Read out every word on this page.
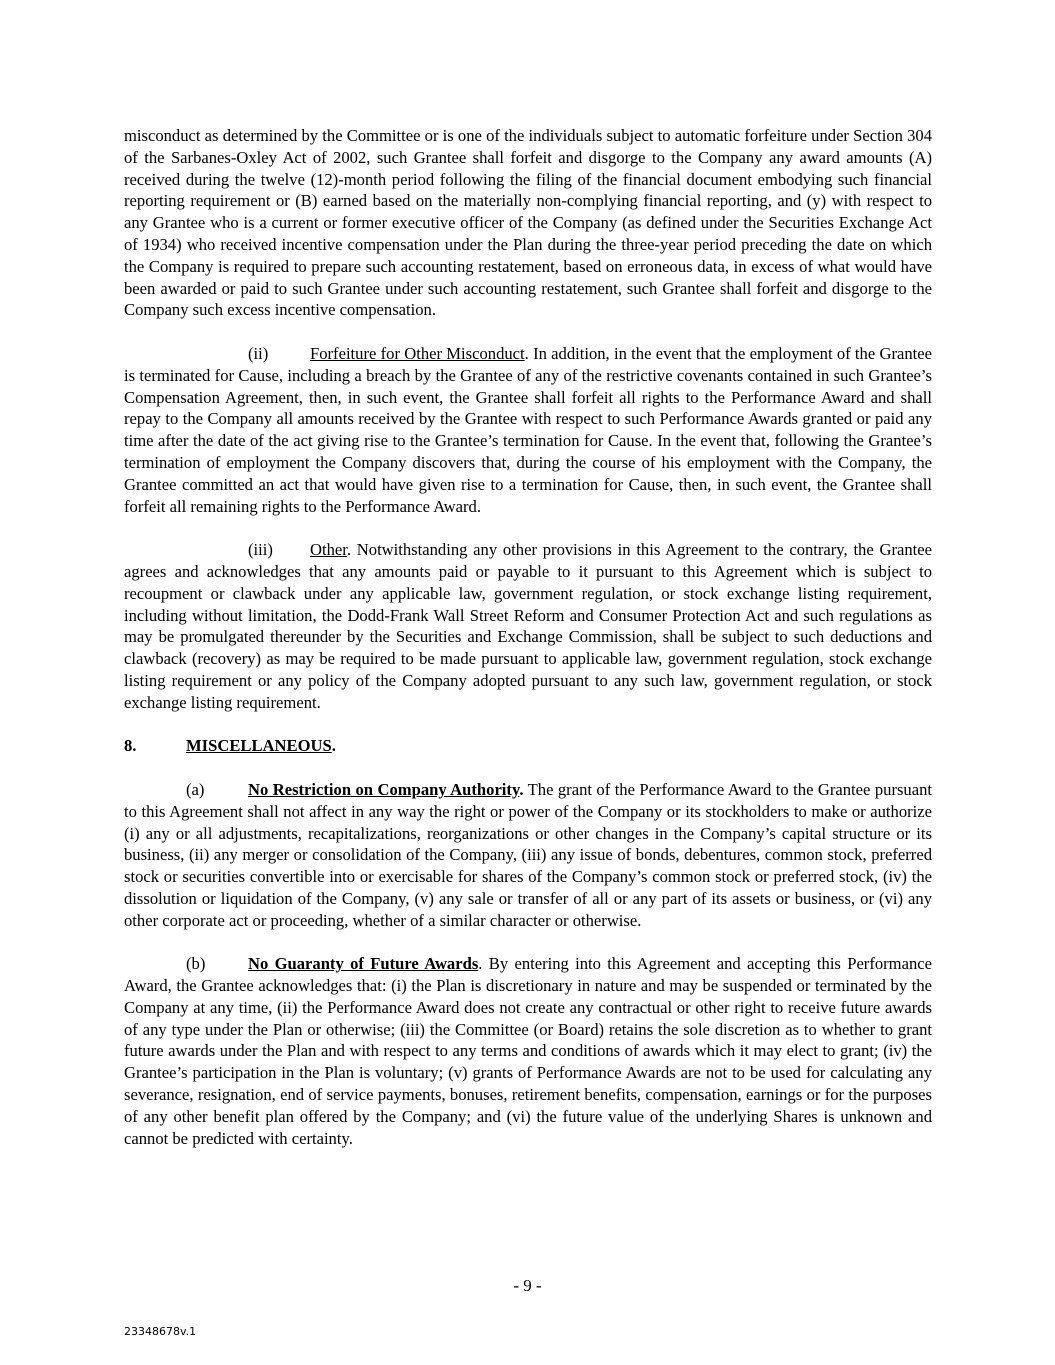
misconduct as determined by the Committee or is one of the individuals subject to automatic forfeiture under Section 304 of the Sarbanes-Oxley Act of 2002, such Grantee shall forfeit and disgorge to the Company any award amounts (A) received during the twelve (12)-month period following the filing of the financial document embodying such financial reporting requirement or (B) earned based on the materially non-complying financial reporting, and (y) with respect to any Grantee who is a current or former executive officer of the Company (as defined under the Securities Exchange Act of 1934) who received incentive compensation under the Plan during the three-year period preceding the date on which the Company is required to prepare such accounting restatement, based on erroneous data, in excess of what would have been awarded or paid to such Grantee under such accounting restatement, such Grantee shall forfeit and disgorge to the Company such excess incentive compensation.

(ii)	Forfeiture for Other Misconduct. In addition, in the event that the employment of the Grantee is terminated for Cause, including a breach by the Grantee of any of the restrictive covenants contained in such Grantee’s Compensation Agreement, then, in such event, the Grantee shall forfeit all rights to the Performance Award and shall repay to the Company all amounts received by the Grantee with respect to such Performance Awards granted or paid any time after the date of the act giving rise to the Grantee’s termination for Cause. In the event that, following the Grantee’s termination of employment the Company discovers that, during the course of his employment with the Company, the Grantee committed an act that would have given rise to a termination for Cause, then, in such event, the Grantee shall forfeit all remaining rights to the Performance Award.

(iii) Other. Notwithstanding any other provisions in this Agreement to the contrary, the Grantee agrees and acknowledges that any amounts paid or payable to it pursuant to this Agreement which is subject to recoupment or clawback under any applicable law, government regulation, or stock exchange listing requirement, including without limitation, the Dodd-Frank Wall Street Reform and Consumer Protection Act and such regulations as may be promulgated thereunder by the Securities and Exchange Commission, shall be subject to such deductions and clawback (recovery) as may be required to be made pursuant to applicable law, government regulation, stock exchange listing requirement or any policy of the Company adopted pursuant to any such law, government regulation, or stock exchange listing requirement.

8.	MISCELLANEOUS.

(a)	No Restriction on Company Authority. The grant of the Performance Award to the Grantee pursuant to this Agreement shall not affect in any way the right or power of the Company or its stockholders to make or authorize (i) any or all adjustments, recapitalizations, reorganizations or other changes in the Company’s capital structure or its business, (ii) any merger or consolidation of the Company, (iii) any issue of bonds, debentures, common stock, preferred stock or securities convertible into or exercisable for shares of the Company’s common stock or preferred stock, (iv) the dissolution or liquidation of the Company, (v) any sale or transfer of all or any part of its assets or business, or (vi) any other corporate act or proceeding, whether of a similar character or otherwise.

(b)	No Guaranty of Future Awards. By entering into this Agreement and accepting this Performance Award, the Grantee acknowledges that: (i) the Plan is discretionary in nature and may be suspended or terminated by the Company at any time, (ii) the Performance Award does not create any contractual or other right to receive future awards of any type under the Plan or otherwise; (iii) the Committee (or Board) retains the sole discretion as to whether to grant future awards under the Plan and with respect to any terms and conditions of awards which it may elect to grant; (iv) the Grantee’s participation in the Plan is voluntary; (v) grants of Performance Awards are not to be used for calculating any severance, resignation, end of service payments, bonuses, retirement benefits, compensation, earnings or for the purposes of any other benefit plan offered by the Company; and (vi) the future value of the underlying Shares is unknown and cannot be predicted with certainty.

- 9 -
23348678v.1
